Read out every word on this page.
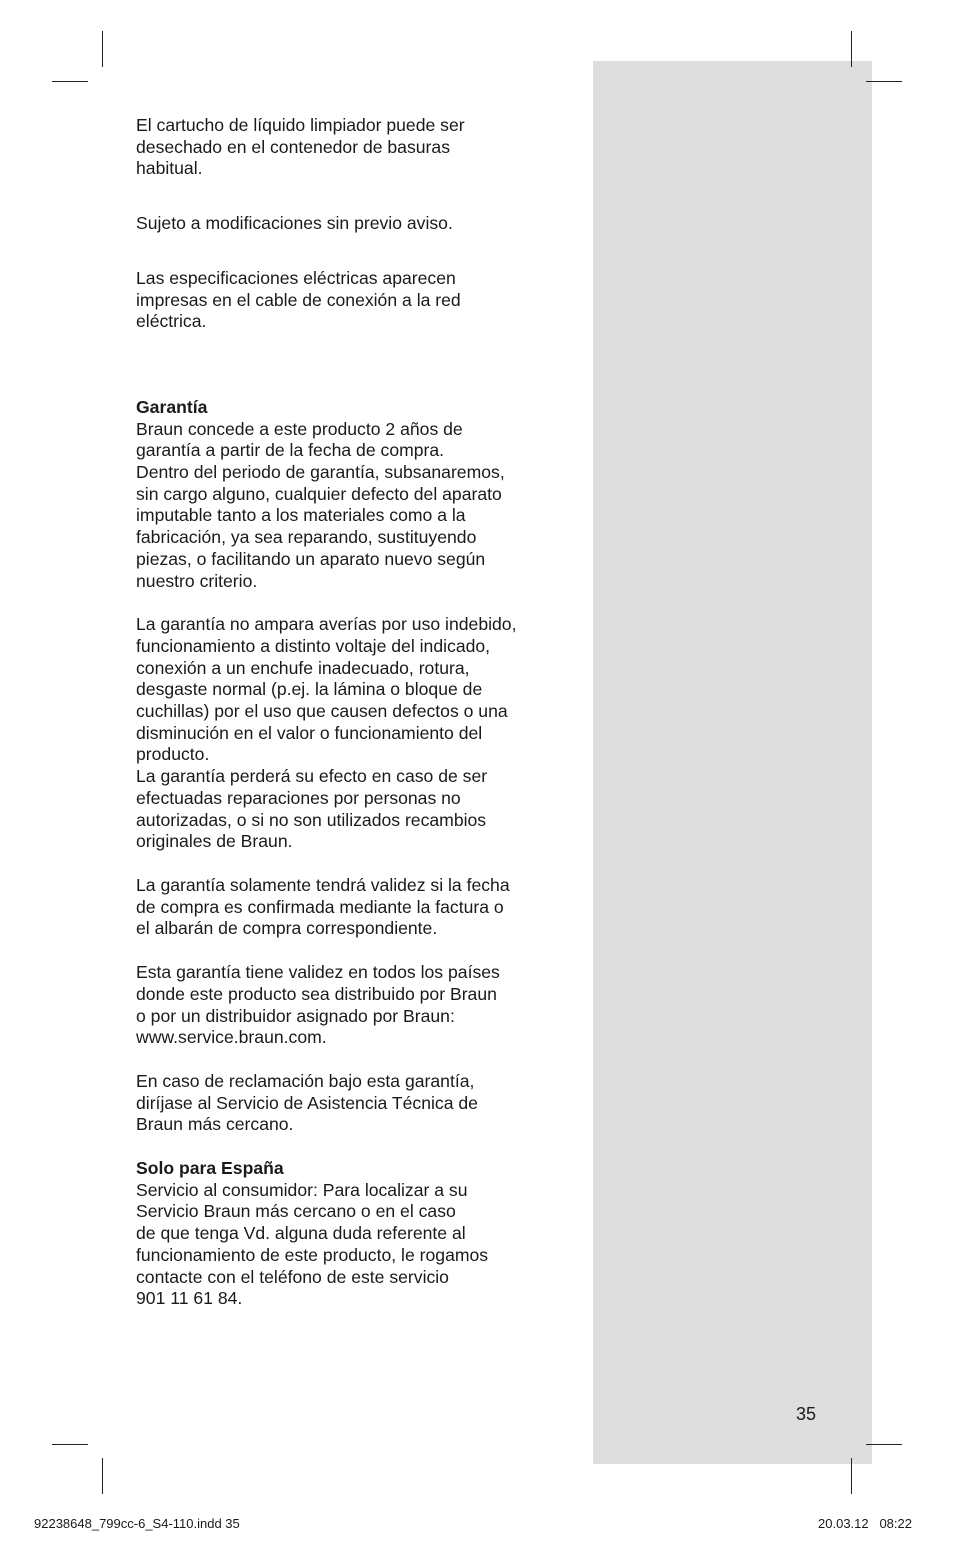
El cartucho de líquido limpiador puede ser
desechado en el contenedor de basuras
habitual.

Sujeto a modificaciones sin previo aviso.

Las especificaciones eléctricas aparecen
impresas en el cable de conexión a la red
eléctrica.

Garantía

Braun concede a este producto 2 años de
garantía a partir de la fecha de compra.
Dentro del periodo de garantía, subsanaremos,
sin cargo alguno, cualquier defecto del aparato
imputable tanto a los materiales como a la
fabricación, ya sea reparando, sustituyendo
piezas, o facilitando un aparato nuevo según
nuestro criterio.

La garantía no ampara averías por uso indebido,
funcionamiento a distinto voltaje del indicado,
conexión a un enchufe inadecuado, rotura,
desgaste normal (p.ej. la lámina o bloque de
cuchillas) por el uso que causen defectos o una
disminución en el valor o funcionamiento del
producto.
La garantía perderá su efecto en caso de ser
efectuadas reparaciones por personas no
autorizadas, o si no son utilizados recambios
originales de Braun.

La garantía solamente tendrá validez si la fecha
de compra es confirmada mediante la factura o
el albarán de compra correspondiente.

Esta garantía tiene validez en todos los países
donde este producto sea distribuido por Braun
o por un distribuidor asignado por Braun:
www.service.braun.com.

En caso de reclamación bajo esta garantía,
diríjase al Servicio de Asistencia Técnica de
Braun más cercano.

Solo para España

Servicio al consumidor: Para localizar a su
Servicio Braun más cercano o en el caso
de que tenga Vd. alguna duda referente al
funcionamiento de este producto, le rogamos
contacte con el teléfono de este servicio
901 11 61 84.

35
92238648_799cc-6_S4-110.indd 35	20.03.12   08:22
